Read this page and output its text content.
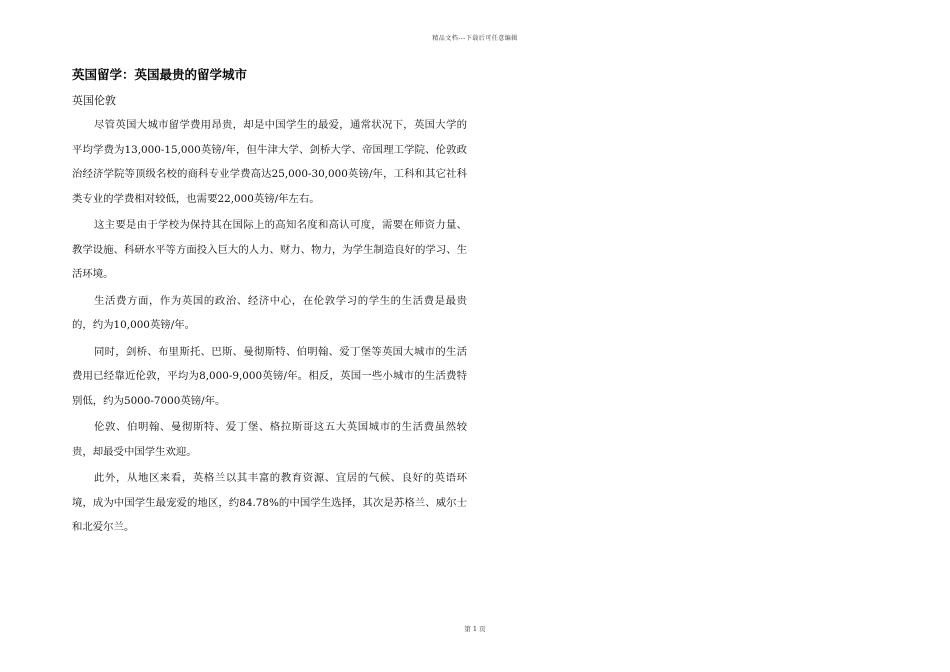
精品文档---下载后可任意编辑
英国留学：英国最贵的留学城市
英国伦敦

尽管英国大城市留学费用昂贵，却是中国学生的最爱，通常状况下，英国大学的平均学费为13,000-15,000英镑/年，但牛津大学、剑桥大学、帝国理工学院、伦敦政治经济学院等顶级名校的商科专业学费高达25,000-30,000英镑/年，工科和其它社科类专业的学费相对较低，也需要22,000英镑/年左右。

这主要是由于学校为保持其在国际上的高知名度和高认可度，需要在师资力量、教学设施、科研水平等方面投入巨大的人力、财力、物力，为学生制造良好的学习、生活环境。

生活费方面，作为英国的政治、经济中心，在伦敦学习的学生的生活费是最贵的，约为10,000英镑/年。

同时，剑桥、布里斯托、巴斯、曼彻斯特、伯明翰、爱丁堡等英国大城市的生活费用已经靠近伦敦，平均为8,000-9,000英镑/年。相反，英国一些小城市的生活费特别低，约为5000-7000英镑/年。

伦敦、伯明翰、曼彻斯特、爱丁堡、格拉斯哥这五大英国城市的生活费虽然较贵，却最受中国学生欢迎。

此外，从地区来看，英格兰以其丰富的教育资源、宜居的气候、良好的英语环境，成为中国学生最宠爱的地区，约84.78%的中国学生选择，其次是苏格兰、威尔士和北爱尔兰。

第 1 页
